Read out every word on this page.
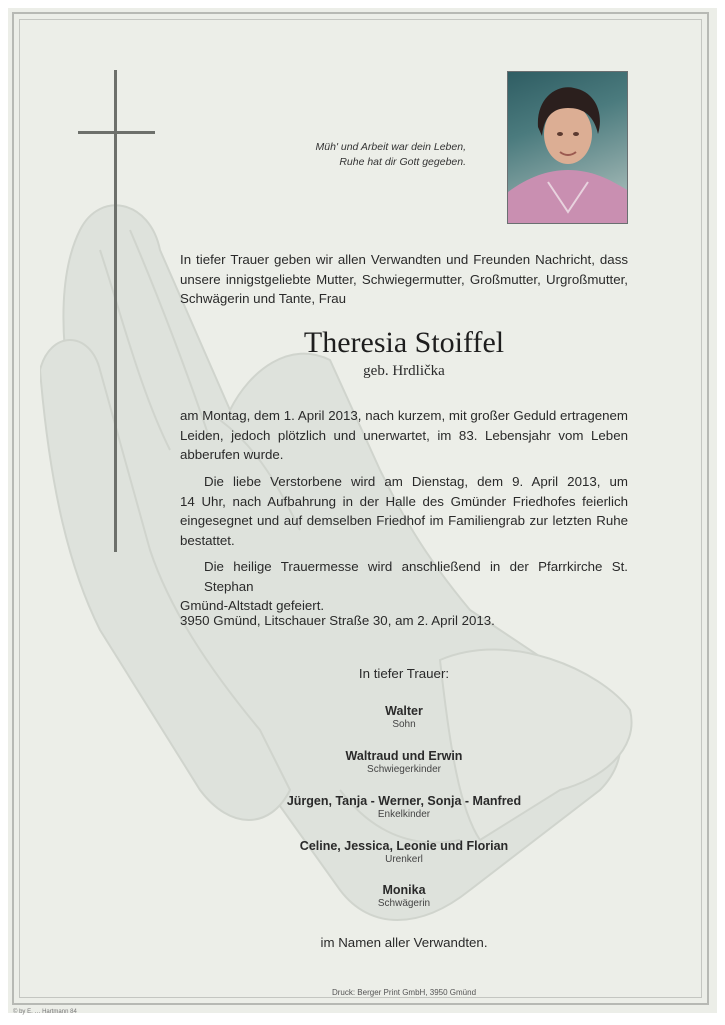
Müh' und Arbeit war dein Leben,
Ruhe hat dir Gott gegeben.
In tiefer Trauer geben wir allen Verwandten und Freunden Nachricht, dass
unsere innigstgeliebte Mutter, Schwiegermutter, Großmutter, Urgroßmutter,
Schwägerin und Tante, Frau
Theresia Stoiffel
geb. Hrdlička
am Montag, dem 1. April 2013, nach kurzem, mit großer Geduld ertragenem
Leiden, jedoch plötzlich und unerwartet, im 83. Lebensjahr vom Leben
abberufen wurde.
Die liebe Verstorbene wird am Dienstag, dem 9. April 2013, um
14 Uhr, nach Aufbahrung in der Halle des Gmünder Friedhofes feierlich
eingesegnet und auf demselben Friedhof im Familiengrab zur letzten Ruhe
bestattet.
Die heilige Trauermesse wird anschließend in der Pfarrkirche St. Stephan
Gmünd-Altstadt gefeiert.
3950 Gmünd, Litschauer Straße 30, am 2. April 2013.
In tiefer Trauer:
Walter
Sohn
Waltraud und Erwin
Schwiegerkinder
Jürgen, Tanja - Werner, Sonja - Manfred
Enkelkinder
Celine, Jessica, Leonie und Florian
Urenkerl
Monika
Schwägerin
im Namen aller Verwandten.
Druck: Berger Print GmbH, 3950 Gmünd
© by E. … Hartmann 84
